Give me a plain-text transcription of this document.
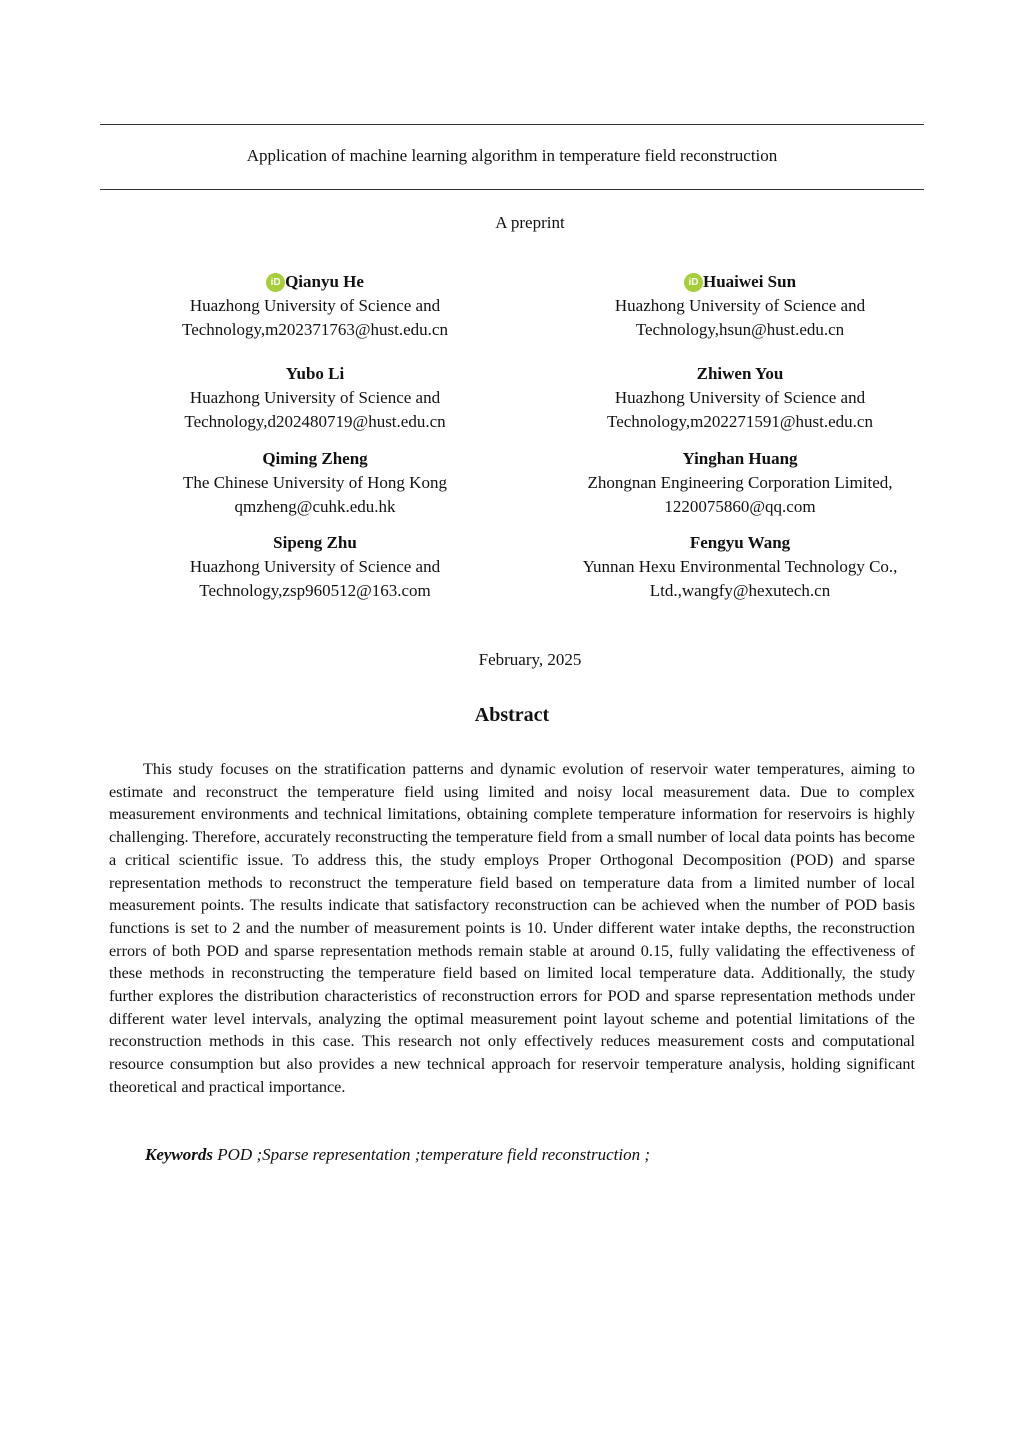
Application of machine learning algorithm in temperature field reconstruction
A preprint
iD Qianyu He
Huazhong University of Science and
Technology,m202371763@hust.edu.cn
iD Huaiwei Sun
Huazhong University of Science and
Technology,hsun@hust.edu.cn
Yubo Li
Huazhong University of Science and
Technology,d202480719@hust.edu.cn
Zhiwen You
Huazhong University of Science and
Technology,m202271591@hust.edu.cn
Qiming Zheng
The Chinese University of Hong Kong
qmzheng@cuhk.edu.hk
Yinghan Huang
Zhongnan Engineering Corporation Limited,
1220075860@qq.com
Sipeng Zhu
Huazhong University of Science and
Technology,zsp960512@163.com
Fengyu Wang
Yunnan Hexu Environmental Technology Co.,
Ltd.,wangfy@hexutech.cn
February, 2025
Abstract
This study focuses on the stratification patterns and dynamic evolution of reservoir water temperatures, aiming to estimate and reconstruct the temperature field using limited and noisy local measurement data. Due to complex measurement environments and technical limitations, obtaining complete temperature information for reservoirs is highly challenging. Therefore, accurately reconstructing the temperature field from a small number of local data points has become a critical scientific issue. To address this, the study employs Proper Orthogonal Decomposition (POD) and sparse representation methods to reconstruct the temperature field based on temperature data from a limited number of local measurement points. The results indicate that satisfactory reconstruction can be achieved when the number of POD basis functions is set to 2 and the number of measurement points is 10. Under different water intake depths, the reconstruction errors of both POD and sparse representation methods remain stable at around 0.15, fully validating the effectiveness of these methods in reconstructing the temperature field based on limited local temperature data. Additionally, the study further explores the distribution characteristics of reconstruction errors for POD and sparse representation methods under different water level intervals, analyzing the optimal measurement point layout scheme and potential limitations of the reconstruction methods in this case. This research not only effectively reduces measurement costs and computational resource consumption but also provides a new technical approach for reservoir temperature analysis, holding significant theoretical and practical importance.
Keywords POD ;Sparse representation ;temperature field reconstruction ;
